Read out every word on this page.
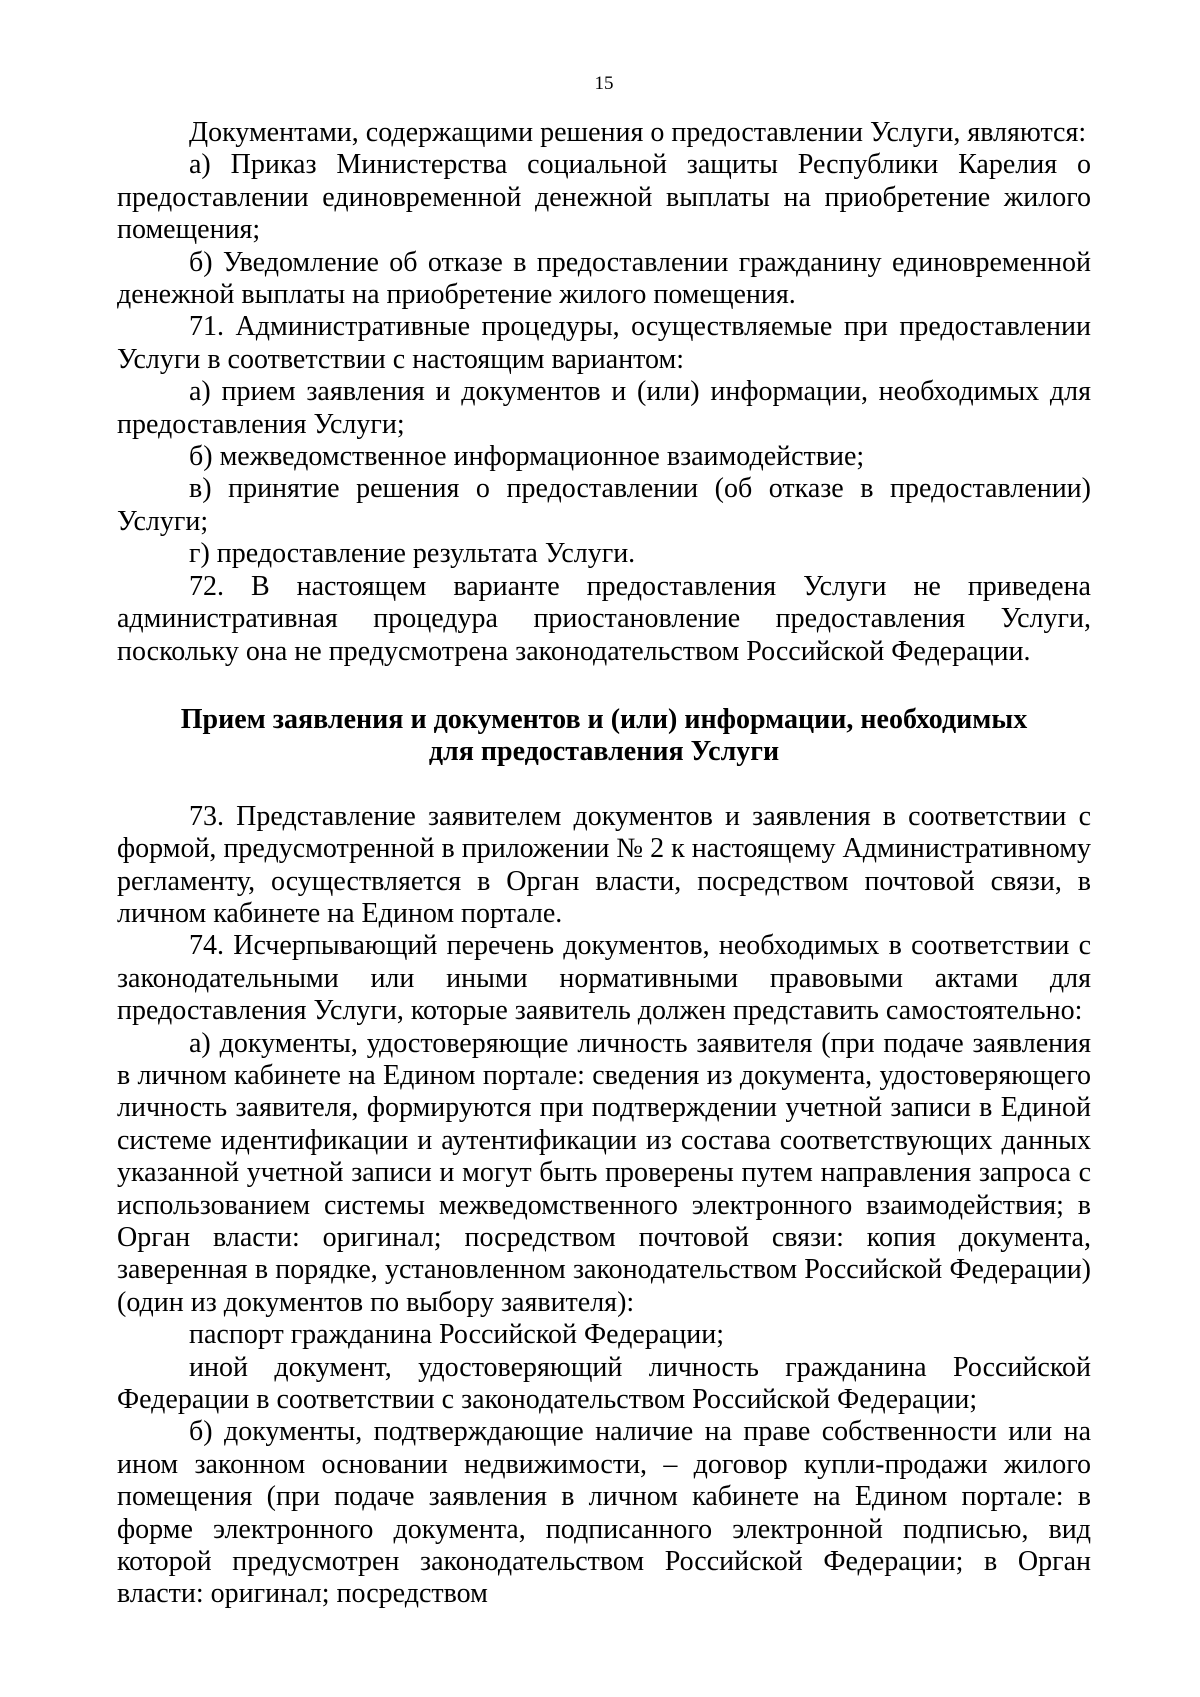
15

Документами, содержащими решения о предоставлении Услуги, являются:

а) Приказ Министерства социальной защиты Республики Карелия о предоставлении единовременной денежной выплаты на приобретение жилого помещения;

б) Уведомление об отказе в предоставлении гражданину единовременной денежной выплаты на приобретение жилого помещения.

71. Административные процедуры, осуществляемые при предоставлении Услуги в соответствии с настоящим вариантом:

а) прием заявления и документов и (или) информации, необходимых для предоставления Услуги;

б) межведомственное информационное взаимодействие;

в) принятие решения о предоставлении (об отказе в предоставлении) Услуги;

г) предоставление результата Услуги.

72. В настоящем варианте предоставления Услуги не приведена административная процедура приостановление предоставления Услуги, поскольку она не предусмотрена законодательством Российской Федерации.

Прием заявления и документов и (или) информации, необходимых для предоставления Услуги

73. Представление заявителем документов и заявления в соответствии с формой, предусмотренной в приложении № 2 к настоящему Административному регламенту, осуществляется в Орган власти, посредством почтовой связи, в личном кабинете на Едином портале.

74. Исчерпывающий перечень документов, необходимых в соответствии с законодательными или иными нормативными правовыми актами для предоставления Услуги, которые заявитель должен представить самостоятельно:

а) документы, удостоверяющие личность заявителя (при подаче заявления в личном кабинете на Едином портале: сведения из документа, удостоверяющего личность заявителя, формируются при подтверждении учетной записи в Единой системе идентификации и аутентификации из состава соответствующих данных указанной учетной записи и могут быть проверены путем направления запроса с использованием системы межведомственного электронного взаимодействия; в Орган власти: оригинал; посредством почтовой связи: копия документа, заверенная в порядке, установленном законодательством Российской Федерации) (один из документов по выбору заявителя):

паспорт гражданина Российской Федерации;

иной документ, удостоверяющий личность гражданина Российской Федерации в соответствии с законодательством Российской Федерации;

б) документы, подтверждающие наличие на праве собственности или на ином законном основании недвижимости, – договор купли-продажи жилого помещения (при подаче заявления в личном кабинете на Едином портале: в форме электронного документа, подписанного электронной подписью, вид которой предусмотрен законодательством Российской Федерации; в Орган власти: оригинал; посредством
